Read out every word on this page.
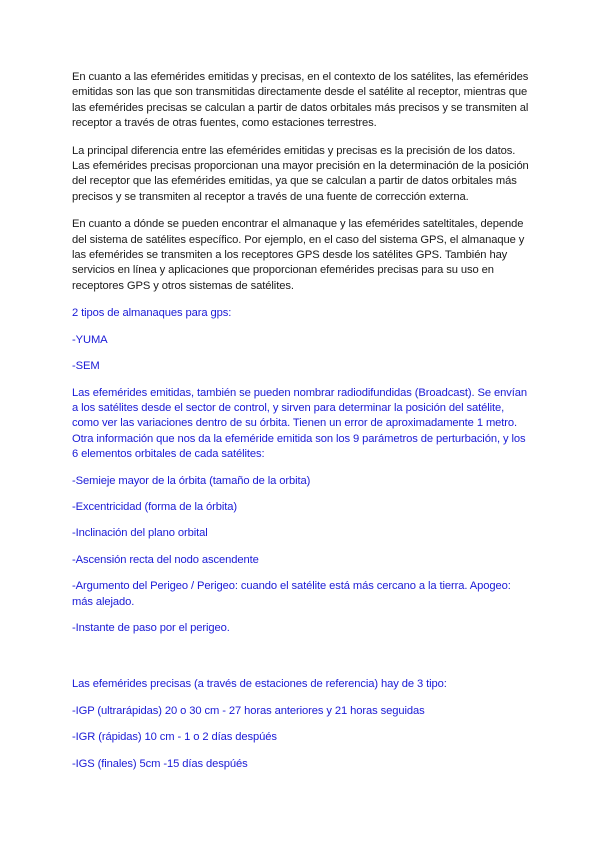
En cuanto a las efemérides emitidas y precisas, en el contexto de los satélites, las efemérides emitidas son las que son transmitidas directamente desde el satélite al receptor, mientras que las efemérides precisas se calculan a partir de datos orbitales más precisos y se transmiten al receptor a través de otras fuentes, como estaciones terrestres.

La principal diferencia entre las efemérides emitidas y precisas es la precisión de los datos. Las efemérides precisas proporcionan una mayor precisión en la determinación de la posición del receptor que las efemérides emitidas, ya que se calculan a partir de datos orbitales más precisos y se transmiten al receptor a través de una fuente de corrección externa.

En cuanto a dónde se pueden encontrar el almanaque y las efemérides sateltitales, depende del sistema de satélites específico. Por ejemplo, en el caso del sistema GPS, el almanaque y las efemérides se transmiten a los receptores GPS desde los satélites GPS. También hay servicios en línea y aplicaciones que proporcionan efemérides precisas para su uso en receptores GPS y otros sistemas de satélites.

2 tipos de almanaques para gps:

-YUMA

-SEM

Las efemérides emitidas, también se pueden nombrar radiodifundidas (Broadcast). Se envían a los satélites desde el sector de control, y sirven para determinar la posición del satélite, como ver las variaciones dentro de su órbita. Tienen un error de aproximadamente 1 metro. Otra información que nos da la efeméride emitida son los 9 parámetros de perturbación, y los 6 elementos orbitales de cada satélites:

-Semieje mayor de la órbita (tamaño de la orbita)

-Excentricidad (forma de la órbita)

-Inclinación del plano orbital

-Ascensión recta del nodo ascendente

-Argumento del Perigeo / Perigeo: cuando el satélite está más cercano a la tierra. Apogeo: más alejado.

-Instante de paso por el perigeo.

Las efemérides precisas (a través de estaciones de referencia) hay de 3 tipo:

-IGP (ultrarápidas) 20 o 30 cm - 27 horas anteriores y 21 horas seguidas

-IGR (rápidas) 10 cm - 1 o 2 días despúés

-IGS (finales) 5cm -15 días despúés
